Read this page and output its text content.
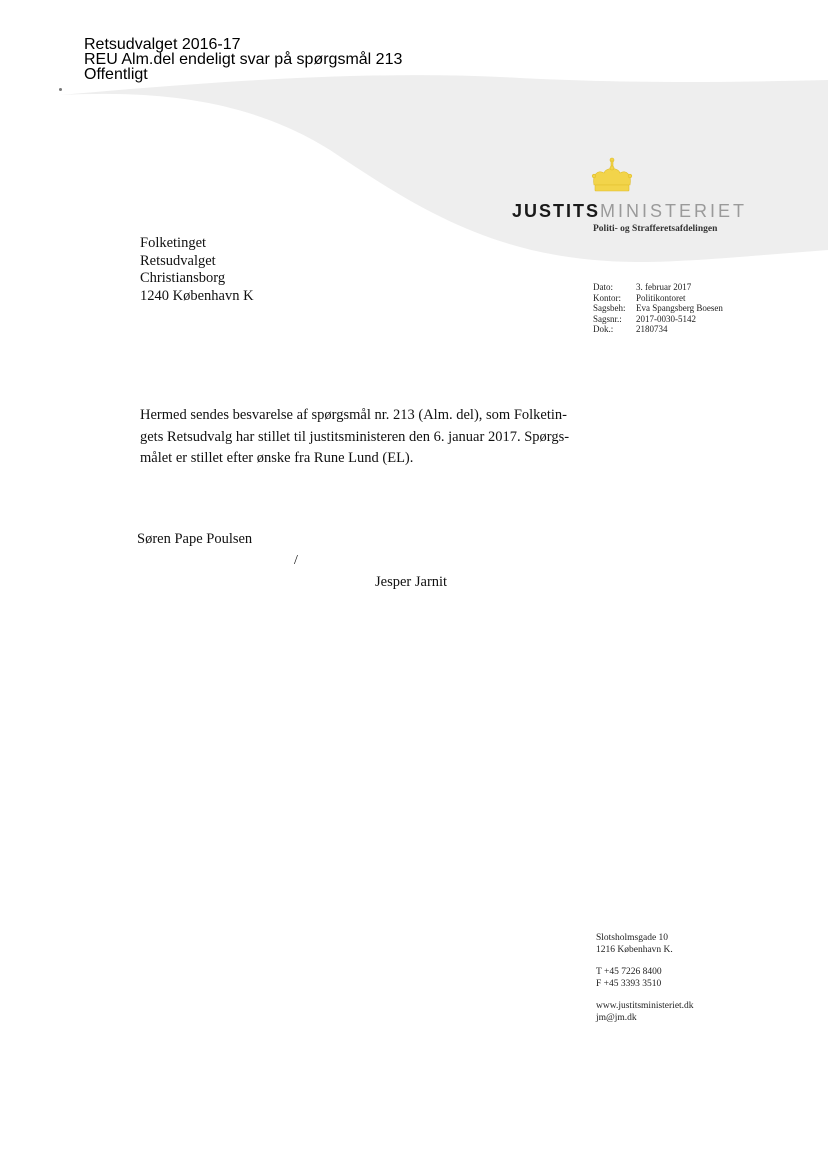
Retsudvalget 2016-17
REU Alm.del endeligt svar på spørgsmål 213
Offentligt
JUSTITSMINISTERIET
Politi- og Strafferetsafdelingen
Folketinget
Retsudvalget
Christiansborg
1240 København K
Dato:	3. februar 2017
Kontor:	Politikontoret
Sagsbeh:	Eva Spangsberg Boesen
Sagsnr.:	2017-0030-5142
Dok.:	2180734
Hermed sendes besvarelse af spørgsmål nr. 213 (Alm. del), som Folketin-
gets Retsudvalg har stillet til justitsministeren den 6. januar 2017. Spørgs-
målet er stillet efter ønske fra Rune Lund (EL).
Søren Pape Poulsen
/
Jesper Jarnit
Slotsholmsgade 10
1216 København K.
T +45 7226 8400
F +45 3393 3510
www.justitsministeriet.dk
jm@jm.dk
